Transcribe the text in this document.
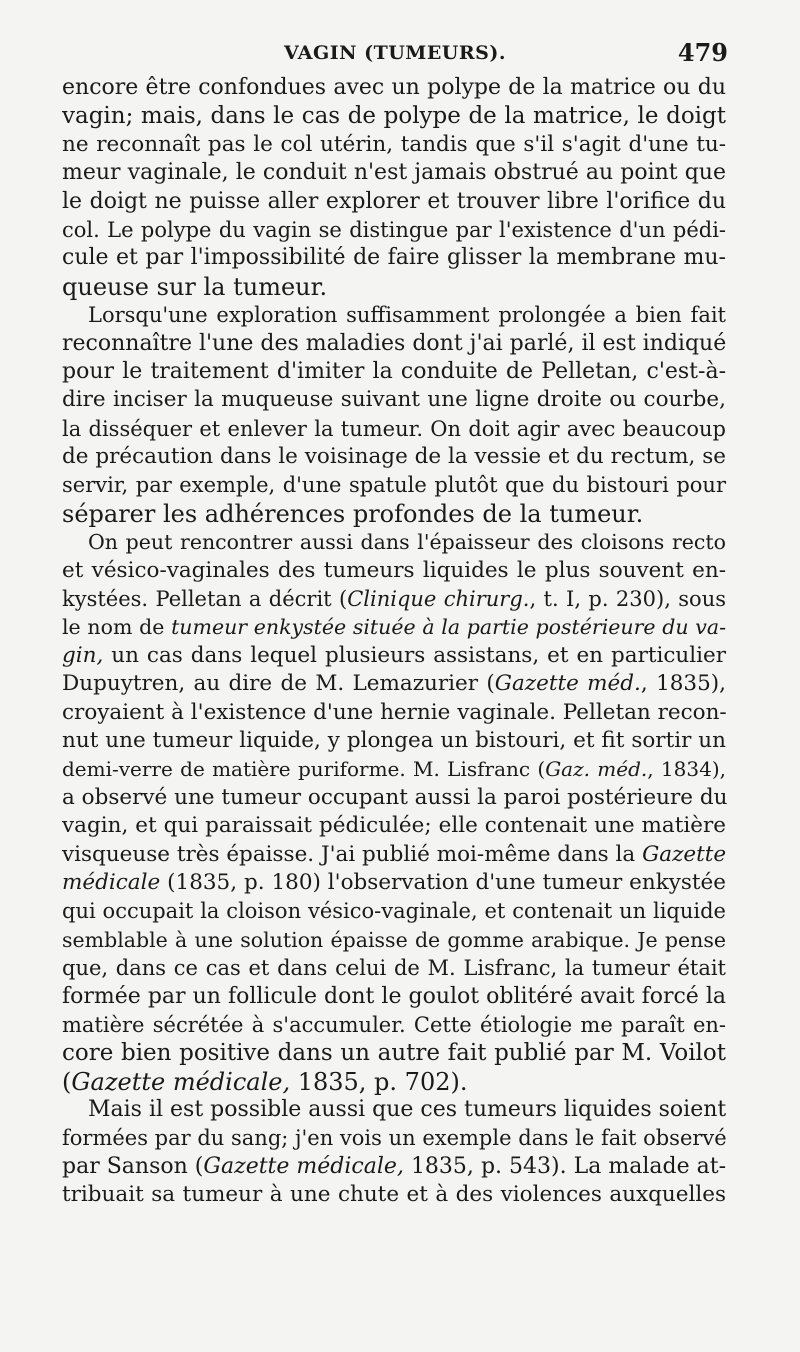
VAGIN (TUMEURS).	479
encore être confondues avec un polype de la matrice ou du
vagin; mais, dans le cas de polype de la matrice, le doigt
ne reconnaît pas le col utérin, tandis que s'il s'agit d'une tu-
meur vaginale, le conduit n'est jamais obstrué au point que
le doigt ne puisse aller explorer et trouver libre l'orifice du
col. Le polype du vagin se distingue par l'existence d'un pédi-
cule et par l'impossibilité de faire glisser la membrane mu-
queuse sur la tumeur.
Lorsqu'une exploration suffisamment prolongée a bien fait
reconnaître l'une des maladies dont j'ai parlé, il est indiqué
pour le traitement d'imiter la conduite de Pelletan, c'est-à-
dire inciser la muqueuse suivant une ligne droite ou courbe,
la disséquer et enlever la tumeur. On doit agir avec beaucoup
de précaution dans le voisinage de la vessie et du rectum, se
servir, par exemple, d'une spatule plutôt que du bistouri pour
séparer les adhérences profondes de la tumeur.
On peut rencontrer aussi dans l'épaisseur des cloisons recto
et vésico-vaginales des tumeurs liquides le plus souvent en-
kystées. Pelletan a décrit (Clinique chirurg., t. I, p. 230), sous
le nom de tumeur enkystée située à la partie postérieure du va-
gin, un cas dans lequel plusieurs assistans, et en particulier
Dupuytren, au dire de M. Lemazurier (Gazette méd., 1835),
croyaient à l'existence d'une hernie vaginale. Pelletan recon-
nut une tumeur liquide, y plongea un bistouri, et fit sortir un
demi-verre de matière puriforme. M. Lisfranc (Gaz. méd., 1834),
a observé une tumeur occupant aussi la paroi postérieure du
vagin, et qui paraissait pédiculée; elle contenait une matière
visqueuse très épaisse. J'ai publié moi-même dans la Gazette
médicale (1835, p. 180) l'observation d'une tumeur enkystée
qui occupait la cloison vésico-vaginale, et contenait un liquide
semblable à une solution épaisse de gomme arabique. Je pense
que, dans ce cas et dans celui de M. Lisfranc, la tumeur était
formée par un follicule dont le goulot oblitéré avait forcé la
matière sécrétée à s'accumuler. Cette étiologie me paraît en-
core bien positive dans un autre fait publié par M. Voilot
(Gazette médicale, 1835, p. 702).
Mais il est possible aussi que ces tumeurs liquides soient
formées par du sang; j'en vois un exemple dans le fait observé
par Sanson (Gazette médicale, 1835, p. 543). La malade at-
tribuait sa tumeur à une chute et à des violences auxquelles
